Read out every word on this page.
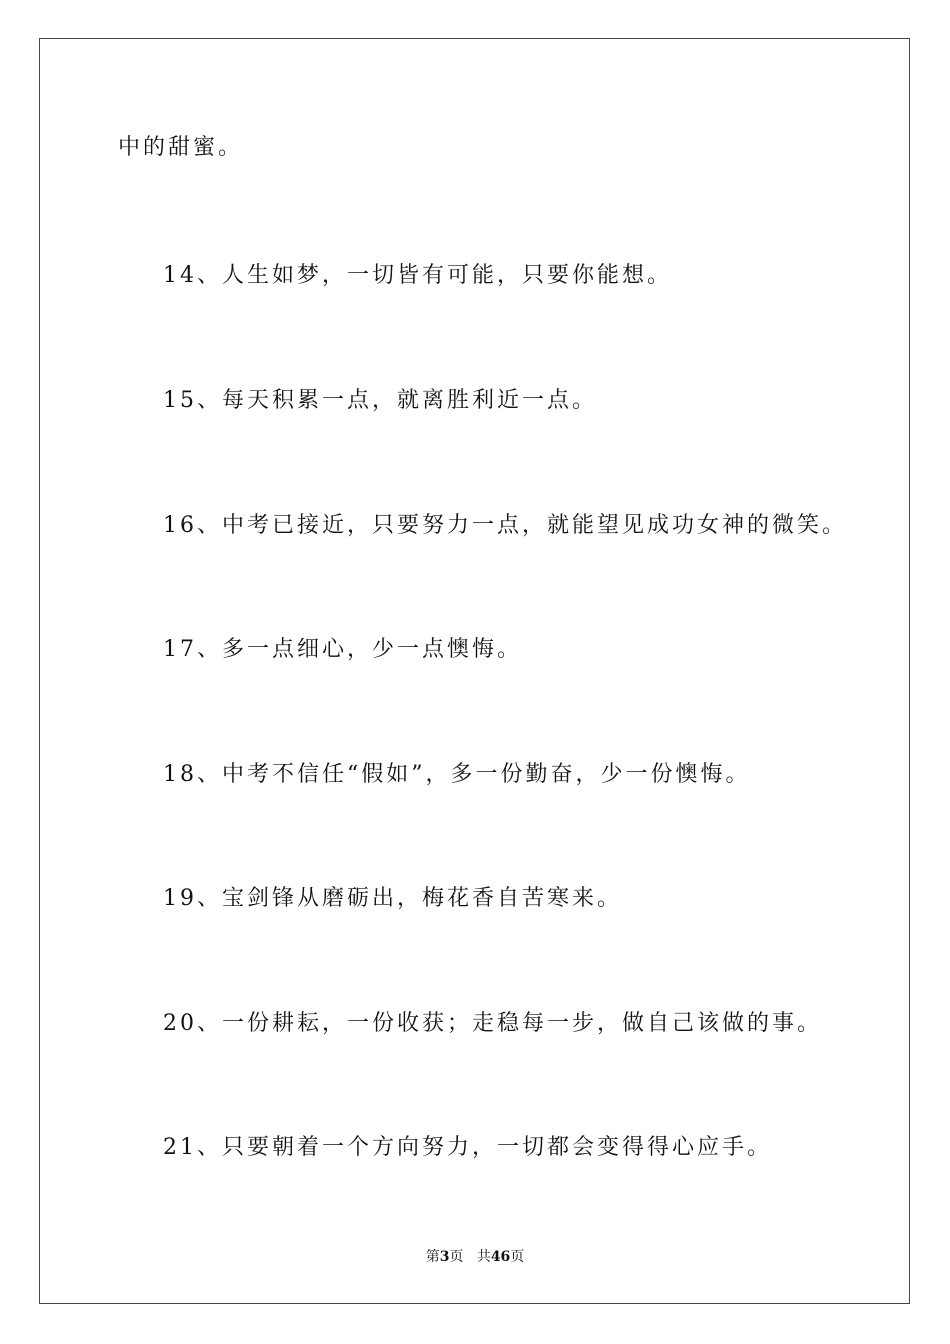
中的甜蜜。
14、人生如梦，一切皆有可能，只要你能想。
15、每天积累一点，就离胜利近一点。
16、中考已接近，只要努力一点，就能望见成功女神的微笑。
17、多一点细心，少一点懊悔。
18、中考不信任“假如”，多一份勤奋，少一份懊悔。
19、宝剑锋从磨砺出，梅花香自苦寒来。
20、一份耕耘，一份收获；走稳每一步，做自己该做的事。
21、只要朝着一个方向努力，一切都会变得得心应手。
第3页 共46页
